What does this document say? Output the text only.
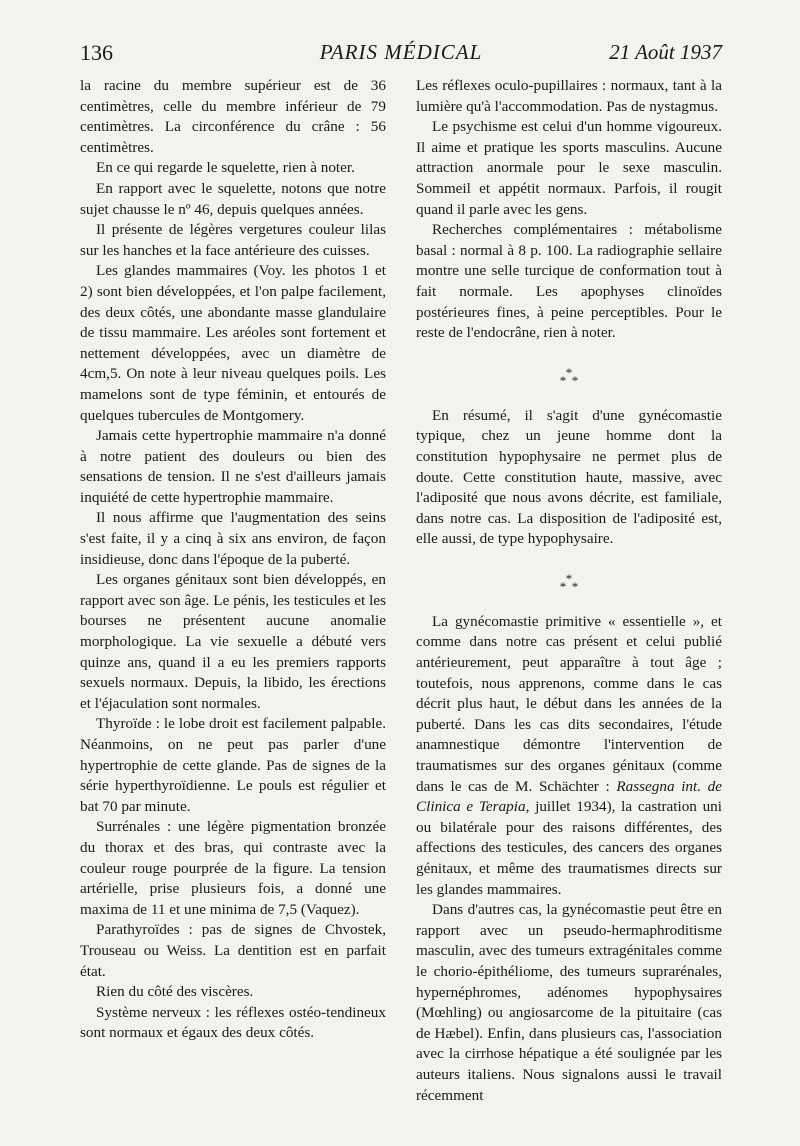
136	PARIS MÉDICAL	21 Août 1937

la racine du membre supérieur est de 36 centimètres, celle du membre inférieur de 79 centimètres. La circonférence du crâne : 56 centimètres.

En ce qui regarde le squelette, rien à noter.

En rapport avec le squelette, notons que notre sujet chausse le nº 46, depuis quelques années.

Il présente de légères vergetures couleur lilas sur les hanches et la face antérieure des cuisses.

Les glandes mammaires (Voy. les photos 1 et 2) sont bien développées, et l'on palpe facilement, des deux côtés, une abondante masse glandulaire de tissu mammaire. Les aréoles sont fortement et nettement développées, avec un diamètre de 4cm,5. On note à leur niveau quelques poils. Les mamelons sont de type féminin, et entourés de quelques tubercules de Montgomery.

Jamais cette hypertrophie mammaire n'a donné à notre patient des douleurs ou bien des sensations de tension. Il ne s'est d'ailleurs jamais inquiété de cette hypertrophie mammaire.

Il nous affirme que l'augmentation des seins s'est faite, il y a cinq à six ans environ, de façon insidieuse, donc dans l'époque de la puberté.

Les organes génitaux sont bien développés, en rapport avec son âge. Le pénis, les testicules et les bourses ne présentent aucune anomalie morphologique. La vie sexuelle a débuté vers quinze ans, quand il a eu les premiers rapports sexuels normaux. Depuis, la libido, les érections et l'éjaculation sont normales.

Thyroïde : le lobe droit est facilement palpable. Néanmoins, on ne peut pas parler d'une hypertrophie de cette glande. Pas de signes de la série hyperthyroïdienne. Le pouls est régulier et bat 70 par minute.

Surrénales : une légère pigmentation bronzée du thorax et des bras, qui contraste avec la couleur rouge pourprée de la figure. La tension artérielle, prise plusieurs fois, a donné une maxima de 11 et une minima de 7,5 (Vaquez).

Parathyroïdes : pas de signes de Chvostek, Trouseau ou Weiss. La dentition est en parfait état.

Rien du côté des viscères.

Système nerveux : les réflexes ostéo-tendineux sont normaux et égaux des deux côtés.

Les réflexes oculo-pupillaires : normaux, tant à la lumière qu'à l'accommodation. Pas de nystagmus.

Le psychisme est celui d'un homme vigoureux. Il aime et pratique les sports masculins. Aucune attraction anormale pour le sexe masculin. Sommeil et appétit normaux. Parfois, il rougit quand il parle avec les gens.

Recherches complémentaires : métabolisme basal : normal à 8 p. 100. La radiographie sellaire montre une selle turcique de conformation tout à fait normale. Les apophyses clinoïdes postérieures fines, à peine perceptibles. Pour le reste de l'endocrâne, rien à noter.

*
* *

En résumé, il s'agit d'une gynécomastie typique, chez un jeune homme dont la constitution hypophysaire ne permet plus de doute. Cette constitution haute, massive, avec l'adiposité que nous avons décrite, est familiale, dans notre cas. La disposition de l'adiposité est, elle aussi, de type hypophysaire.

*
* *

La gynécomastie primitive « essentielle », et comme dans notre cas présent et celui publié antérieurement, peut apparaître à tout âge ; toutefois, nous apprenons, comme dans le cas décrit plus haut, le début dans les années de la puberté. Dans les cas dits secondaires, l'étude anamnestique démontre l'intervention de traumatismes sur des organes génitaux (comme dans le cas de M. Schächter : Rassegna int. de Clinica e Terapia, juillet 1934), la castration uni ou bilatérale pour des raisons différentes, des affections des testicules, des cancers des organes génitaux, et même des traumatismes directs sur les glandes mammaires.

Dans d'autres cas, la gynécomastie peut être en rapport avec un pseudo-hermaphroditisme masculin, avec des tumeurs extragénitales comme le chorio-épithéliome, des tumeurs suprarénales, hypernéphromes, adénomes hypophysaires (Mœhling) ou angiosarcome de la pituitaire (cas de Hæbel). Enfin, dans plusieurs cas, l'association avec la cirrhose hépatique a été soulignée par les auteurs italiens. Nous signalons aussi le travail récemment
